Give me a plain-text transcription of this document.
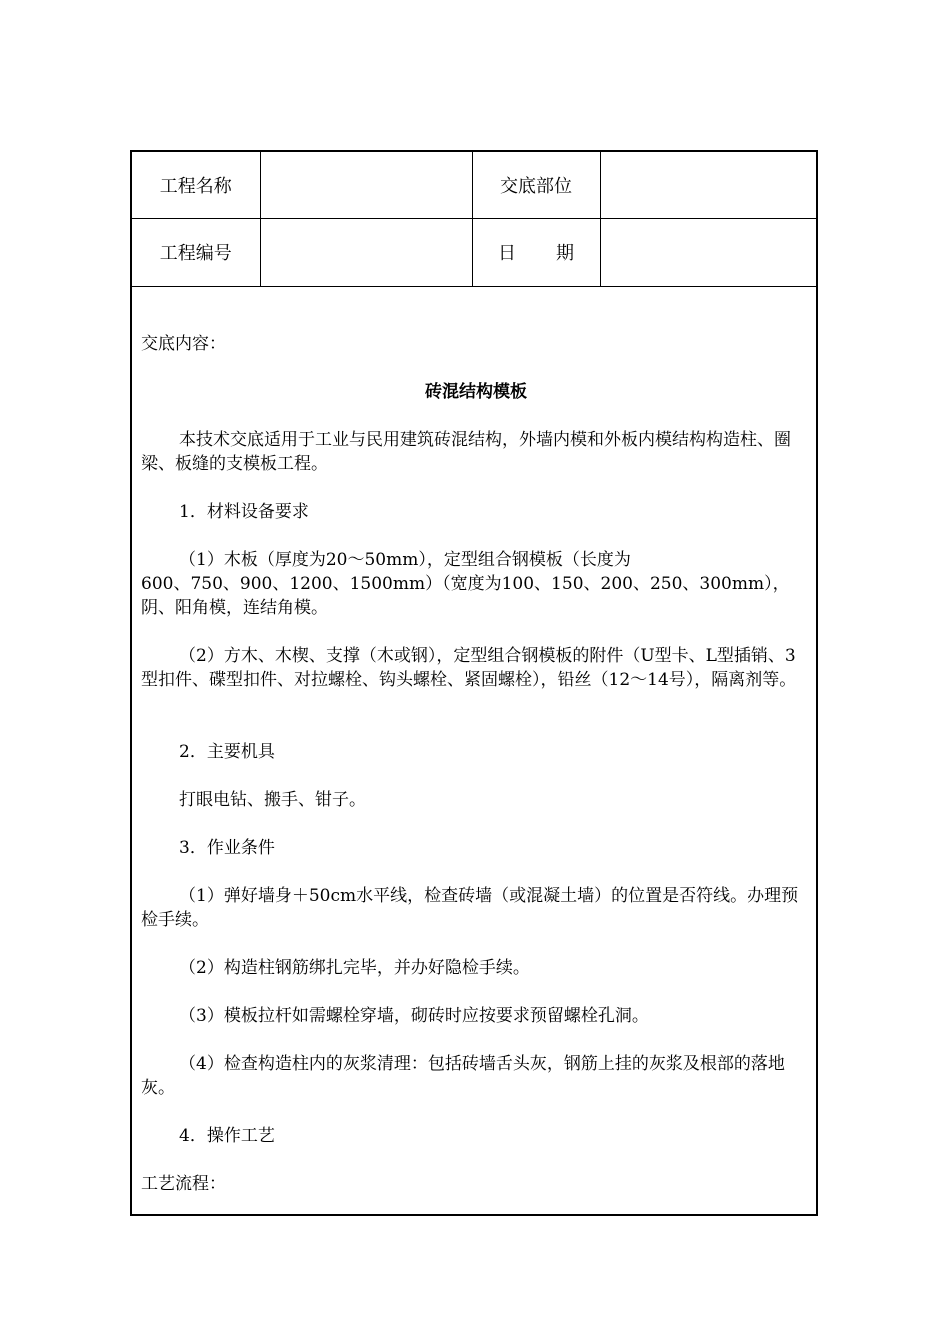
工程名称		交底部位	
工程编号		日 期	

交底内容：

砖混结构模板

本技术交底适用于工业与民用建筑砖混结构，外墙内模和外板内模结构构造柱、圈梁、板缝的支模板工程。

1．材料设备要求

（1）木板（厚度为20～50mm），定型组合钢模板（长度为

600、750、900、1200、1500mm）（宽度为100、150、200、250、300mm），

阴、阳角模，连结角模。

（2）方木、木楔、支撑（木或钢），定型组合钢模板的附件（U型卡、L型插销、3型扣件、碟型扣件、对拉螺栓、钩头螺栓、紧固螺栓），铅丝（12～14号），隔离剂等。

2．主要机具

打眼电钻、搬手、钳子。

3．作业条件

（1）弹好墙身＋50cm水平线，检查砖墙（或混凝土墙）的位置是否符线。办理预检手续。

（2）构造柱钢筋绑扎完毕，并办好隐检手续。

（3）模板拉杆如需螺栓穿墙，砌砖时应按要求预留螺栓孔洞。

（4）检查构造柱内的灰浆清理：包括砖墙舌头灰，钢筋上挂的灰浆及根部的落地灰。

4．操作工艺

工艺流程：
